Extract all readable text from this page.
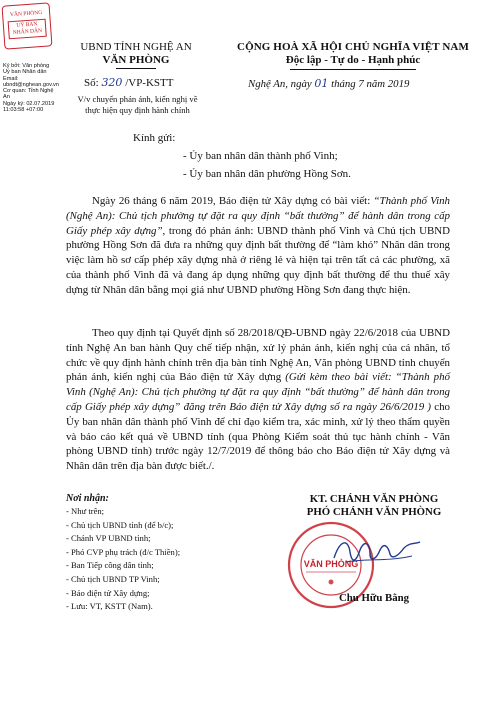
VĂN PHÒNG
UỶ BAN NHÂN DÂN
Ký bởi: Văn phòng
Uỷ ban Nhân dân
Email:
ubndt@nghean.gov.vn
Cơ quan: Tỉnh Nghệ
An
Ngày ký: 02.07.2019
11:03:58 +07:00
UBND TỈNH NGHỆ AN
VĂN PHÒNG
Số: 320 /VP-KSTT
V/v chuyển phản ánh, kiến nghị về
thực hiện quy định hành chính
CỘNG HOÀ XÃ HỘI CHỦ NGHĨA VIỆT NAM
Độc lập - Tự do - Hạnh phúc
Nghệ An, ngày 01 tháng 7 năm 2019
Kính gửi:
- Ủy ban nhân dân thành phố Vinh;
- Ủy ban nhân dân phường Hồng Sơn.

Ngày 26 tháng 6 năm 2019, Báo điện tử Xây dựng có bài viết: “Thành phố Vinh (Nghệ An): Chủ tịch phường tự đặt ra quy định “bất thường” để hành dân trong cấp Giấy phép xây dựng”, trong đó phản ánh: UBND thành phố Vinh và Chủ tịch UBND phường Hồng Sơn đã đưa ra những quy định bất thường để “làm khó” Nhân dân trong việc làm hồ sơ cấp phép xây dựng nhà ở riêng lẻ và hiện tại trên tất cả các phường, xã của thành phố Vinh đã và đang áp dụng những quy định bất thường để thu thuế xây dựng từ Nhân dân bằng mọi giá như UBND phường Hồng Sơn đang thực hiện.

Theo quy định tại Quyết định số 28/2018/QĐ-UBND ngày 22/6/2018 của UBND tỉnh Nghệ An ban hành Quy chế tiếp nhận, xử lý phản ánh, kiến nghị của cá nhân, tổ chức về quy định hành chính trên địa bàn tỉnh Nghệ An, Văn phòng UBND tỉnh chuyển phản ánh, kiến nghị của Báo điện tử Xây dựng (Gửi kèm theo bài viết: “Thành phố Vinh (Nghệ An): Chủ tịch phường tự đặt ra quy định “bất thường” để hành dân trong cấp Giấy phép xây dựng” đăng trên Báo điện tử Xây dựng số ra ngày 26/6/2019 ) cho Ủy ban nhân dân thành phố Vinh để chỉ đạo kiểm tra, xác minh, xử lý theo thẩm quyền và báo cáo kết quả về UBND tỉnh (qua Phòng Kiểm soát thủ tục hành chính - Văn phòng UBND tỉnh) trước ngày 12/7/2019 để thông báo cho Báo điện tử Xây dựng và Nhân dân trên địa bàn được biết./.

Nơi nhận:
- Như trên;
- Chủ tịch UBND tỉnh (để b/c);
- Chánh VP UBND tỉnh;
- Phó CVP phụ trách (đ/c Thiền);
- Ban Tiếp công dân tỉnh;
- Chủ tịch UBND TP Vinh;
- Báo điện tử Xây dựng;
- Lưu: VT, KSTT (Nam).
KT. CHÁNH VĂN PHÒNG
PHÓ CHÁNH VĂN PHÒNG
VĂN PHÒNG
Chu Hữu Bằng
